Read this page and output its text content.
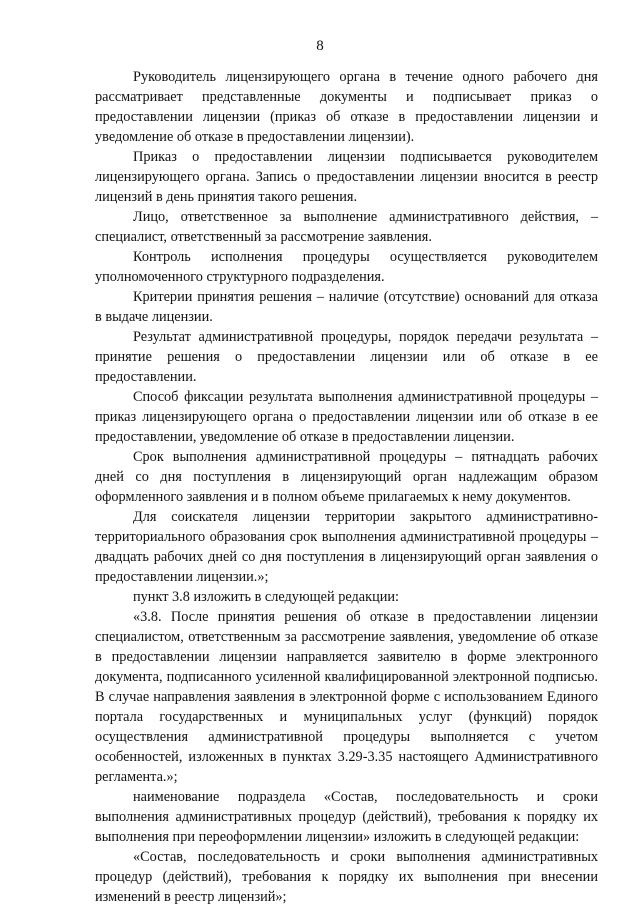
8

Руководитель лицензирующего органа в течение одного рабочего дня рассматривает представленные документы и подписывает приказ о предоставлении лицензии (приказ об отказе в предоставлении лицензии и уведомление об отказе в предоставлении лицензии).

Приказ о предоставлении лицензии подписывается руководителем лицензирующего органа. Запись о предоставлении лицензии вносится в реестр лицензий в день принятия такого решения.

Лицо, ответственное за выполнение административного действия, – специалист, ответственный за рассмотрение заявления.

Контроль исполнения процедуры осуществляется руководителем уполномоченного структурного подразделения.

Критерии принятия решения – наличие (отсутствие) оснований для отказа в выдаче лицензии.

Результат административной процедуры, порядок передачи результата – принятие решения о предоставлении лицензии или об отказе в ее предоставлении.

Способ фиксации результата выполнения административной процедуры – приказ лицензирующего органа о предоставлении лицензии или об отказе в ее предоставлении, уведомление об отказе в предоставлении лицензии.

Срок выполнения административной процедуры – пятнадцать рабочих дней со дня поступления в лицензирующий орган надлежащим образом оформленного заявления и в полном объеме прилагаемых к нему документов.

Для соискателя лицензии территории закрытого административно-территориального образования срок выполнения административной процедуры – двадцать рабочих дней со дня поступления в лицензирующий орган заявления о предоставлении лицензии.»;

пункт 3.8 изложить в следующей редакции:

«3.8. После принятия решения об отказе в предоставлении лицензии специалистом, ответственным за рассмотрение заявления, уведомление об отказе в предоставлении лицензии направляется заявителю в форме электронного документа, подписанного усиленной квалифицированной электронной подписью. В случае направления заявления в электронной форме с использованием Единого портала государственных и муниципальных услуг (функций) порядок осуществления административной процедуры выполняется с учетом особенностей, изложенных в пунктах 3.29-3.35 настоящего Административного регламента.»;

наименование подраздела «Состав, последовательность и сроки выполнения административных процедур (действий), требования к порядку их выполнения при переоформлении лицензии» изложить в следующей редакции:

«Состав, последовательность и сроки выполнения административных процедур (действий), требования к порядку их выполнения при внесении изменений в реестр лицензий»;
